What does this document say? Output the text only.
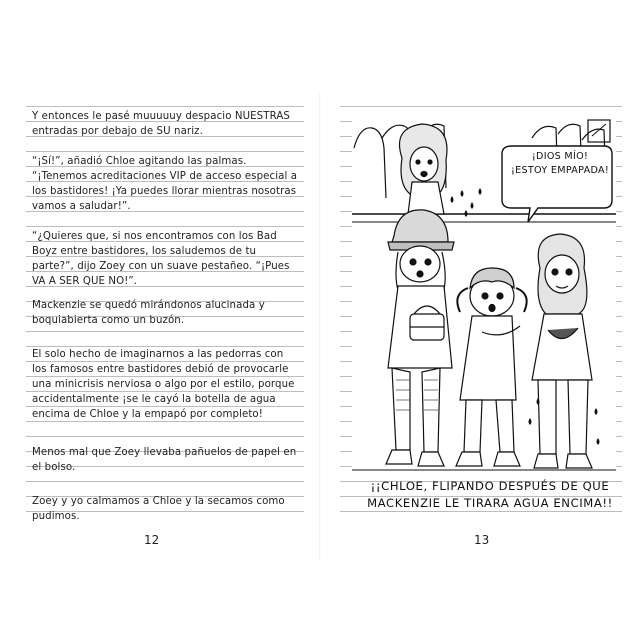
Y entonces le pasé muuuuuy despacio NUESTRAS entradas por debajo de SU nariz.
“¡Sí!”, añadió Chloe agitando las palmas. “¡Tenemos acreditaciones VIP de acceso especial a los bastidores! ¡Ya puedes llorar mientras nosotras vamos a saludar!”.
“¿Quieres que, si nos encontramos con los Bad Boyz entre bastidores, los saludemos de tu parte?”, dijo Zoey con un suave pestañeo. “¡Pues VA A SER QUE NO!”.
Mackenzie se quedó mirándonos alucinada y boquiabierta como un buzón.
El solo hecho de imaginarnos a las pedorras con los famosos entre bastidores debió de provocarle una minicrisis nerviosa o algo por el estilo, porque accidentalmente ¡se le cayó la botella de agua encima de Chloe y la empapó por completo!
Menos mal que Zoey llevaba pañuelos de papel en el bolso.
Zoey y yo calmamos a Chloe y la secamos como pudimos.
12
¡DIOS MÍO!
¡ESTOY EMPAPADA!
¡¡CHLOE, FLIPANDO DESPUÉS DE QUE
MACKENZIE LE TIRARA AGUA ENCIMA!!
13
